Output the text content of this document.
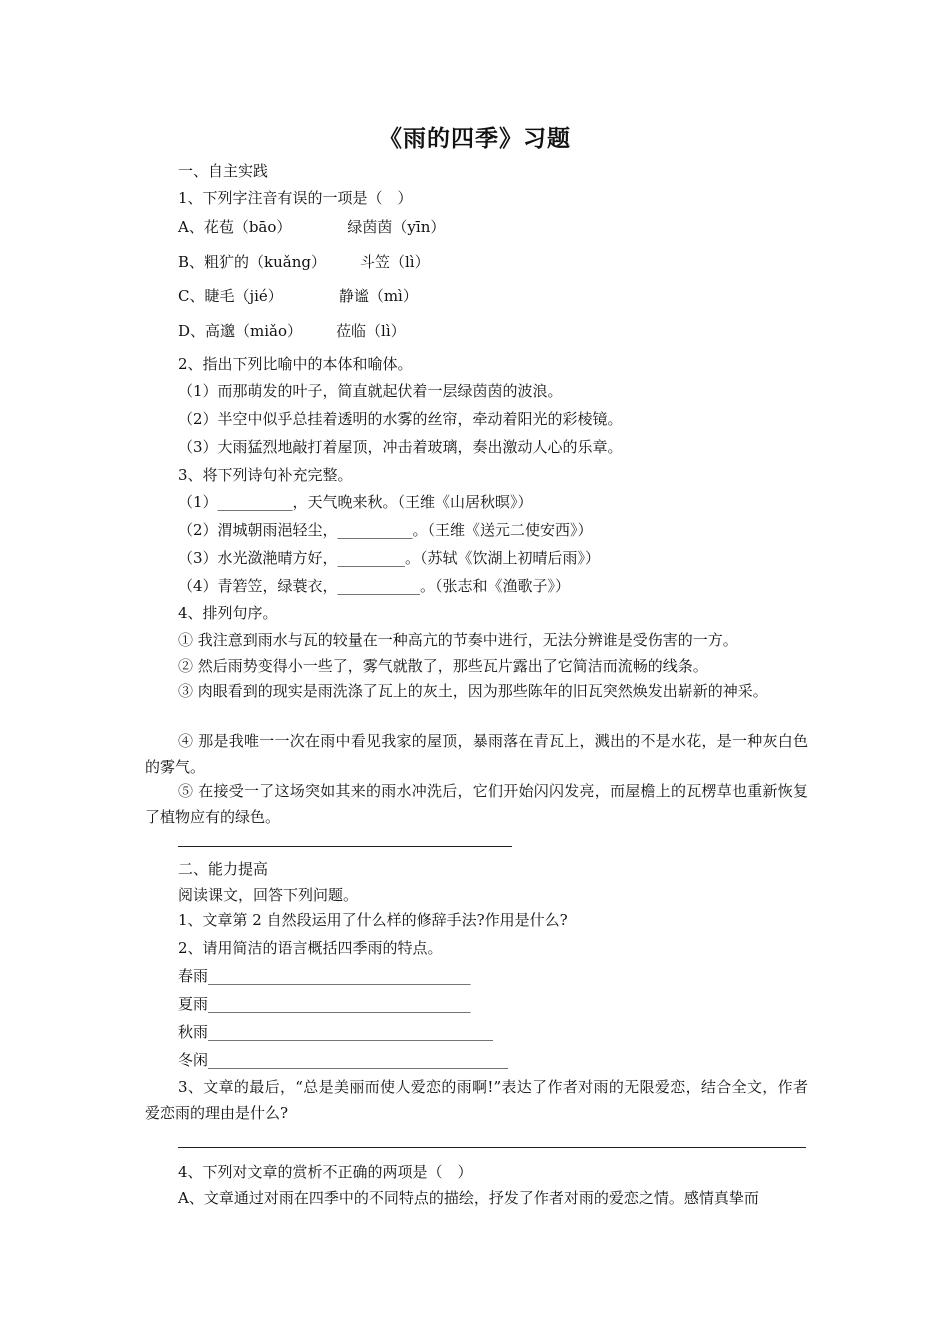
《雨的四季》习题
一、自主实践
1、下列字注音有误的一项是（　）
A、花苞（bāo）	绿茵茵（yīn）
B、粗犷的（kuǎng） 斗笠（lì）
C、睫毛（jié）	静谧（mì）
D、高邈（miǎo） 莅临（lì）
2、指出下列比喻中的本体和喻体。
（1）而那萌发的叶子，简直就起伏着一层绿茵茵的波浪。
（2）半空中似乎总挂着透明的水雾的丝帘，牵动着阳光的彩棱镜。
（3）大雨猛烈地敲打着屋顶，冲击着玻璃，奏出激动人心的乐章。
3、将下列诗句补充完整。
（1）__________，天气晚来秋。（王维《山居秋暝》）
（2）渭城朝雨浥轻尘，__________。（王维《送元二使安西》）
（3）水光潋滟晴方好，_________。（苏轼《饮湖上初晴后雨》）
（4）青箬笠，绿蓑衣，___________。（张志和《渔歌子》）
4、排列句序。
① 我注意到雨水与瓦的较量在一种高亢的节奏中进行，无法分辨谁是受伤害的一方。
② 然后雨势变得小一些了，雾气就散了，那些瓦片露出了它简洁而流畅的线条。
③ 肉眼看到的现实是雨洗涤了瓦上的灰土，因为那些陈年的旧瓦突然焕发出崭新的神采。
④ 那是我唯一一次在雨中看见我家的屋顶，暴雨落在青瓦上，溅出的不是水花，是一种灰白色的雾气。
⑤ 在接受一了这场突如其来的雨水冲洗后，它们开始闪闪发亮，而屋檐上的瓦楞草也重新恢复了植物应有的绿色。
二、能力提高
阅读课文，回答下列问题。
1、文章第 2 自然段运用了什么样的修辞手法?作用是什么?
2、请用简洁的语言概括四季雨的特点。
春雨___________________________________
夏雨___________________________________
秋雨______________________________________
冬闲________________________________________
3、文章的最后，“总是美丽而使人爱恋的雨啊!”表达了作者对雨的无限爱恋，结合全文，作者爱恋雨的理由是什么?
4、下列对文章的赏析不正确的两项是（　）
A、文章通过对雨在四季中的不同特点的描绘，抒发了作者对雨的爱恋之情。感情真挚而
